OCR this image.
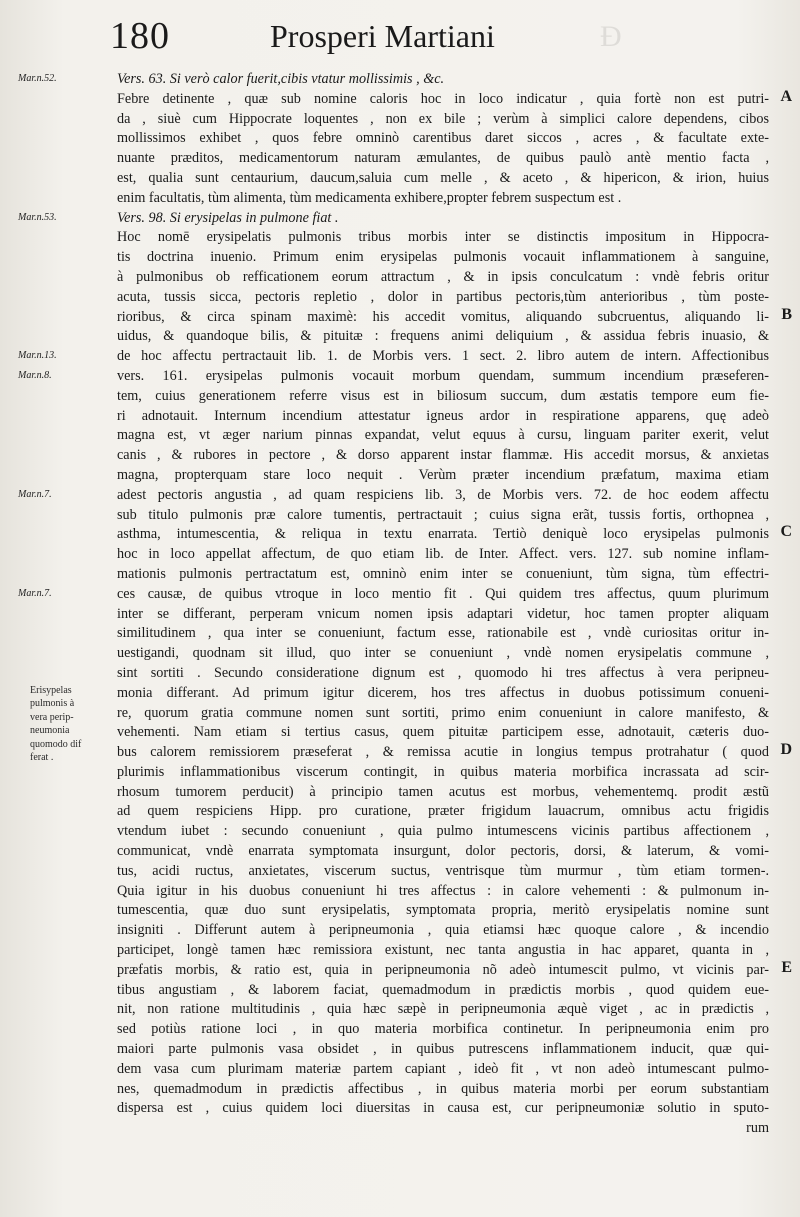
Ð
180	Prosperi Martiani
Vers. 63. Si verò calor fuerit,cibis vtatur mollissimis , &c.
Febre detinente , quæ sub nomine caloris hoc in loco indicatur , quia fortè non est putri-
da , siuè cum Hippocrate loquentes , non ex bile ; verùm à simplici calore dependens, cibos
mollissimos exhibet , quos febre omninò carentibus daret siccos , acres , & facultate exte-
nuante præditos, medicamentorum naturam æmulantes, de quibus paulò antè mentio facta ,
est, qualia sunt centaurium, daucum,saluia cum melle , & aceto , & hipericon, & irion, huius
enim facultatis, tùm alimenta, tùm medicamenta exhibere,propter febrem suspectum est .
Vers. 98. Si erysipelas in pulmone fiat .
Hoc nomē erysipelatis pulmonis tribus morbis inter se distinctis impositum in Hippocra-
tis doctrina inuenio. Primum enim erysipelas pulmonis vocauit inflammationem à sanguine,
à pulmonibus ob refficationem eorum attractum , & in ipsis conculcatum : vndè febris oritur
acuta, tussis sicca, pectoris repletio , dolor in partibus pectoris,tùm anterioribus , tùm poste-
rioribus, & circa spinam maximè: his accedit vomitus, aliquando subcruentus, aliquando li-
uidus, & quandoque bilis, & pituitæ : frequens animi deliquium , & assidua febris inuasio, &
de hoc affectu pertractauit lib. 1. de Morbis vers. 1 sect. 2. libro autem de intern. Affectionibus
vers. 161. erysipelas pulmonis vocauit morbum quendam, summum incendium præseferen-
tem, cuius generationem referre visus est in biliosum succum, dum æstatis tempore eum fie-
ri adnotauit. Internum incendium attestatur igneus ardor in respiratione apparens, quę adeò
magna est, vt æger narium pinnas expandat, velut equus à cursu, linguam pariter exerit, velut
canis , & rubores in pectore , & dorso apparent instar flammæ. His accedit morsus, & anxietas
magna, propterquam stare loco nequit . Verùm præter incendium præfatum, maxima etiam
adest pectoris angustia , ad quam respiciens lib. 3, de Morbis vers. 72. de hoc eodem affectu
sub titulo pulmonis præ calore tumentis, pertractauit ; cuius signa erãt, tussis fortis, orthopnea ,
asthma, intumescentia, & reliqua in textu enarrata. Tertiò deniquè loco erysipelas pulmonis
hoc in loco appellat affectum, de quo etiam lib. de Inter. Affect. vers. 127. sub nomine inflam-
mationis pulmonis pertractatum est, omninò enim inter se conueniunt, tùm signa, tùm effectri-
ces causæ, de quibus vtroque in loco mentio fit . Qui quidem tres affectus, quum plurimum
inter se differant, perperam vnicum nomen ipsis adaptari videtur, hoc tamen propter aliquam
similitudinem , qua inter se conueniunt, factum esse, rationabile est , vndè curiositas oritur in-
uestigandi, quodnam sit illud, quo inter se conueniunt , vndè nomen erysipelatis commune ,
sint sortiti . Secundo consideratione dignum est , quomodo hi tres affectus à vera peripneu-
monia differant. Ad primum igitur dicerem, hos tres affectus in duobus potissimum conueni-
re, quorum gratia commune nomen sunt sortiti, primo enim conueniunt in calore manifesto, &
vehementi. Nam etiam si tertius casus, quem pituitæ participem esse, adnotauit, cæteris duo-
bus calorem remissiorem præseferat , & remissa acutie in longius tempus protrahatur ( quod
plurimis inflammationibus viscerum contingit, in quibus materia morbifica incrassata ad scir-
rhosum tumorem perducit) à principio tamen acutus est morbus, vehementemq. prodit æstũ
ad quem respiciens Hipp. pro curatione, præter frigidum lauacrum, omnibus actu frigidis
vtendum iubet : secundo conueniunt , quia pulmo intumescens vicinis partibus affectionem ,
communicat, vndè enarrata symptomata insurgunt, dolor pectoris, dorsi, & laterum, & vomi-
tus, acidi ructus, anxietates, viscerum suctus, ventrisque tùm murmur , tùm etiam tormen-.
Quia igitur in his duobus conueniunt hi tres affectus : in calore vehementi : & pulmonum in-
tumescentia, quæ duo sunt erysipelatis, symptomata propria, meritò erysipelatis nomine sunt
insigniti . Differunt autem à peripneumonia , quia etiamsi hæc quoque calore , & incendio
participet, longè tamen hæc remissiora existunt, nec tanta angustia in hac apparet, quanta in ,
præfatis morbis, & ratio est, quia in peripneumonia nõ adeò intumescit pulmo, vt vicinis par-
tibus angustiam , & laborem faciat, quemadmodum in prædictis morbis , quod quidem eue-
nit, non ratione multitudinis , quia hæc sæpè in peripneumonia æquè viget , ac in prædictis ,
sed potiùs ratione loci , in quo materia morbifica continetur. In peripneumonia enim pro
maiori parte pulmonis vasa obsidet , in quibus putrescens inflammationem inducit, quæ qui-
dem vasa cum plurimam materiæ partem capiant , ideò fit , vt non adeò intumescant pulmo-
nes, quemadmodum in prædictis affectibus , in quibus materia morbi per eorum substantiam
dispersa est , cuius quidem loci diuersitas in causa est, cur peripneumoniæ solutio in sputo-
rum
Mar.n.52.
Mar.n.53.
Mar.n.13.
Mar.n.8.
Mar.n.7.
Mar.n.7.
Erisypelas
pulmonis à
vera perip-
neumonia
quomodo dif
ferat .
A
B
C
D
E
